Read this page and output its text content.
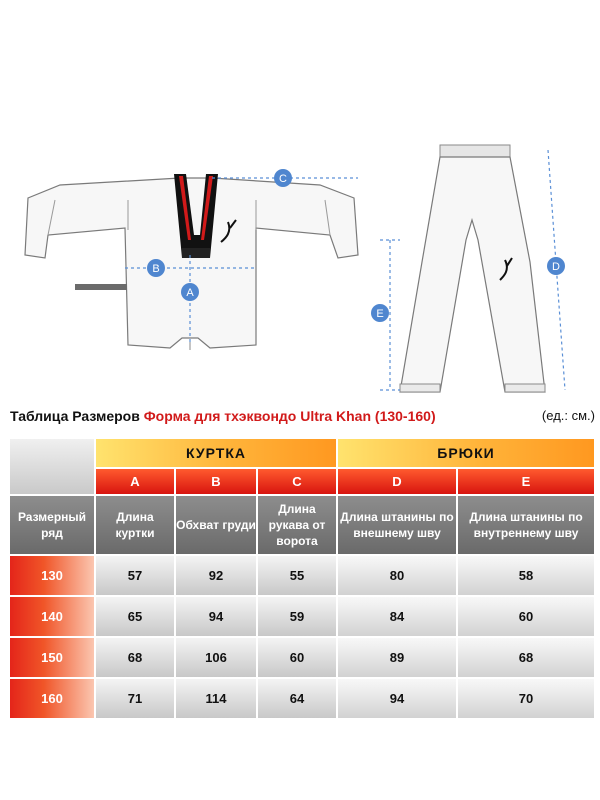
C
B
A
D
E
Таблица Размеров Форма для тхэквондо Ultra Khan (130-160)	(ед.: см.)
	КУРТКА			БРЮКИ	
	A	B	C	D	E
Размерный ряд	Длина куртки	Обхват груди	Длина рукава от ворота	Длина штанины по внешнему шву	Длина штанины по внутреннему шву
130	57	92	55	80	58
140	65	94	59	84	60
150	68	106	60	89	68
160	71	114	64	94	70
